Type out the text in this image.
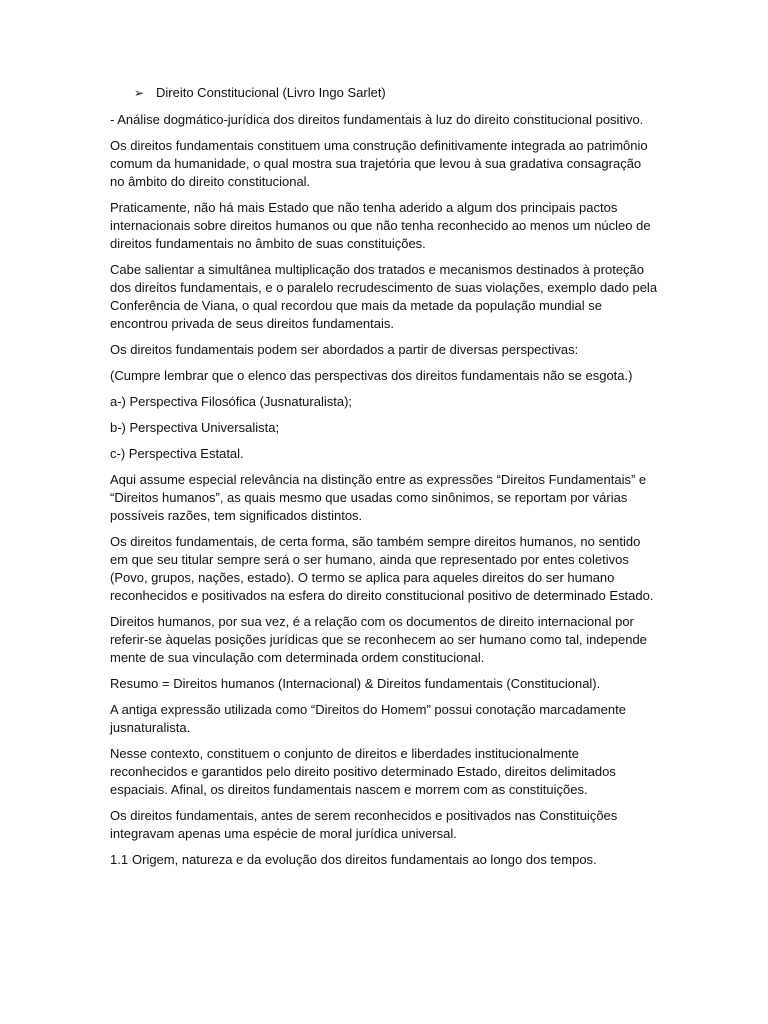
➢ Direito Constitucional (Livro Ingo Sarlet)

- Análise dogmático-jurídica dos direitos fundamentais à luz do direito constitucional positivo.

Os direitos fundamentais constituem uma construção definitivamente integrada ao patrimônio comum da humanidade, o qual mostra sua trajetória que levou à sua gradativa consagração no âmbito do direito constitucional.

Praticamente, não há mais Estado que não tenha aderido a algum dos principais pactos internacionais sobre direitos humanos ou que não tenha reconhecido ao menos um núcleo de direitos fundamentais no âmbito de suas constituições.

Cabe salientar a simultânea multiplicação dos tratados e mecanismos destinados à proteção dos direitos fundamentais, e o paralelo recrudescimento de suas violações, exemplo dado pela Conferência de Viana, o qual recordou que mais da metade da população mundial se encontrou privada de seus direitos fundamentais.

Os direitos fundamentais podem ser abordados a partir de diversas perspectivas:

(Cumpre lembrar que o elenco das perspectivas dos direitos fundamentais não se esgota.)

a-) Perspectiva Filosófica (Jusnaturalista);

b-) Perspectiva Universalista;

c-) Perspectiva Estatal.

Aqui assume especial relevância na distinção entre as expressões “Direitos Fundamentais” e “Direitos humanos”, as quais mesmo que usadas como sinônimos, se reportam por várias possíveis razões, tem significados distintos.

Os direitos fundamentais, de certa forma, são também sempre direitos humanos, no sentido em que seu titular sempre será o ser humano, ainda que representado por entes coletivos (Povo, grupos, nações, estado). O termo se aplica para aqueles direitos do ser humano reconhecidos e positivados na esfera do direito constitucional positivo de determinado Estado.

Direitos humanos, por sua vez, é a relação com os documentos de direito internacional por referir-se àquelas posições jurídicas que se reconhecem ao ser humano como tal, independe mente de sua vinculação com determinada ordem constitucional.

Resumo = Direitos humanos (Internacional) & Direitos fundamentais (Constitucional).

A antiga expressão utilizada como “Direitos do Homem” possui conotação marcadamente jusnaturalista.

Nesse contexto, constituem o conjunto de direitos e liberdades institucionalmente reconhecidos e garantidos pelo direito positivo determinado Estado, direitos delimitados espaciais. Afinal, os direitos fundamentais nascem e morrem com as constituições.

Os direitos fundamentais, antes de serem reconhecidos e positivados nas Constituições integravam apenas uma espécie de moral jurídica universal.

1.1 Origem, natureza e da evolução dos direitos fundamentais ao longo dos tempos.
